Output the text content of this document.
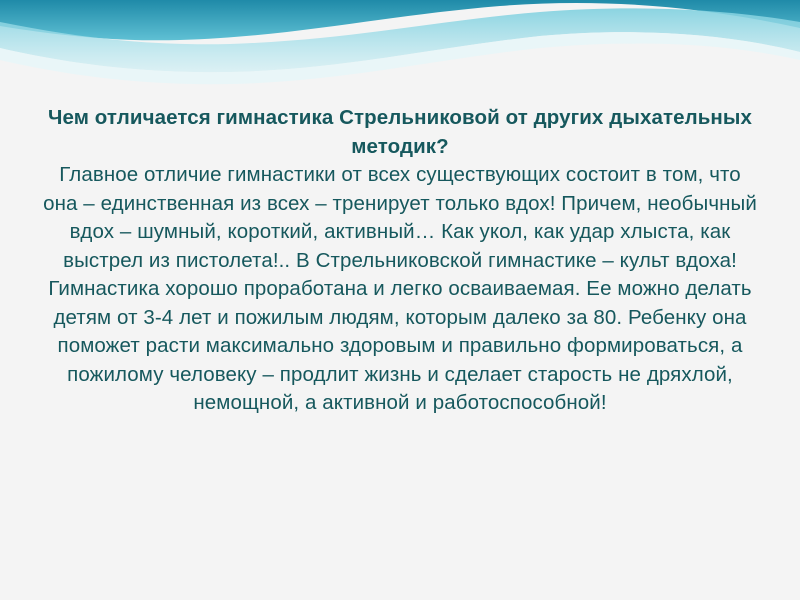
Чем отличается гимнастика Стрельниковой от других дыхательных методик?

Главное отличие гимнастики от всех существующих состоит в том, что она – единственная из всех – тренирует только вдох! Причем, необычный вдох – шумный, короткий, активный… Как укол, как удар хлыста, как выстрел из пистолета!.. В Стрельниковской гимнастике – культ вдоха!

Гимнастика хорошо проработана и легко осваиваемая. Ее можно делать детям от 3-4 лет и пожилым людям, которым далеко за 80. Ребенку она поможет расти максимально здоровым и правильно формироваться, а пожилому человеку – продлит жизнь и сделает старость не дряхлой, немощной, а активной и работоспособной!
